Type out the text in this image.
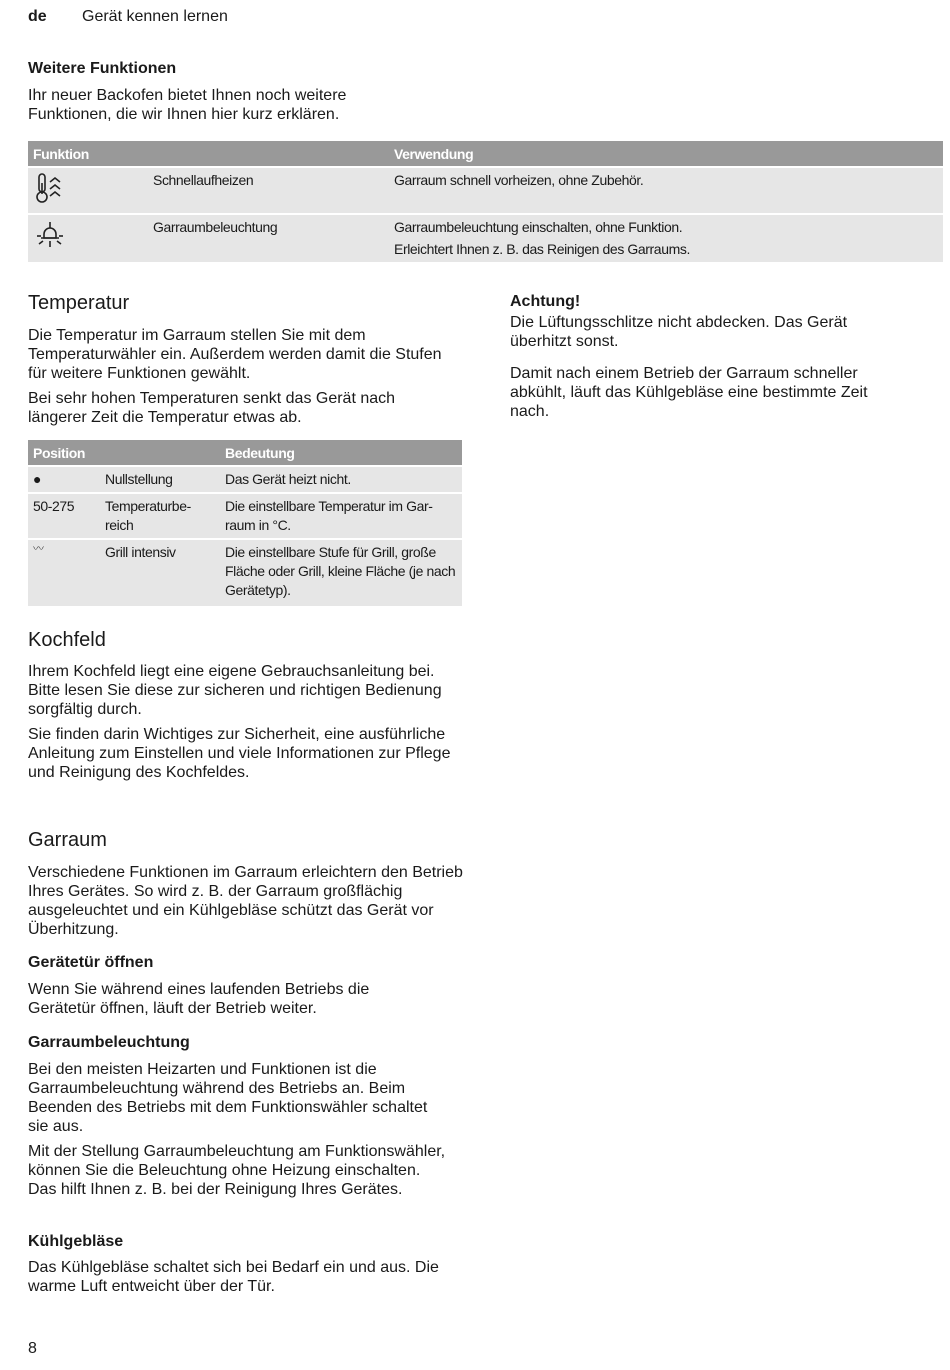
de Gerät kennen lernen
Weitere Funktionen

Ihr neuer Backofen bietet Ihnen noch weitere Funktionen, die wir Ihnen hier kurz erklären.

Funktion		Verwendung
	Schnellaufheizen	Garraum schnell vorheizen, ohne Zubehör.
	Garraumbeleuchtung	Garraumbeleuchtung einschalten, ohne Funktion.
Erleichtert Ihnen z. B. das Reinigen des Garraums.
Temperatur

Die Temperatur im Garraum stellen Sie mit dem Temperaturwähler ein. Außerdem werden damit die Stufen für weitere Funktionen gewählt.

Bei sehr hohen Temperaturen senkt das Gerät nach längerer Zeit die Temperatur etwas ab.

Position		Bedeutung
●	Nullstellung	Das Gerät heizt nicht.
50-275	Temperaturbe-reich	Die einstellbare Temperatur im Gar-raum in °C.
〰	Grill intensiv	Die einstellbare Stufe für Grill, große Fläche oder Grill, kleine Fläche (je nach Gerätetyp).
Achtung!

Die Lüftungsschlitze nicht abdecken. Das Gerät überhitzt sonst.

Damit nach einem Betrieb der Garraum schneller abkühlt, läuft das Kühlgebläse eine bestimmte Zeit nach.

Kochfeld

Ihrem Kochfeld liegt eine eigene Gebrauchsanleitung bei. Bitte lesen Sie diese zur sicheren und richtigen Bedienung sorgfältig durch.

Sie finden darin Wichtiges zur Sicherheit, eine ausführliche Anleitung zum Einstellen und viele Informationen zur Pflege und Reinigung des Kochfeldes.

Garraum

Verschiedene Funktionen im Garraum erleichtern den Betrieb Ihres Gerätes. So wird z. B. der Garraum großflächig ausgeleuchtet und ein Kühlgebläse schützt das Gerät vor Überhitzung.

Gerätetür öffnen

Wenn Sie während eines laufenden Betriebs die Gerätetür öffnen, läuft der Betrieb weiter.

Garraumbeleuchtung

Bei den meisten Heizarten und Funktionen ist die Garraumbeleuchtung während des Betriebs an. Beim Beenden des Betriebs mit dem Funktionswähler schaltet sie aus.

Mit der Stellung Garraumbeleuchtung am Funktionswähler, können Sie die Beleuchtung ohne Heizung einschalten. Das hilft Ihnen z. B. bei der Reinigung Ihres Gerätes.

Kühlgebläse

Das Kühlgebläse schaltet sich bei Bedarf ein und aus. Die warme Luft entweicht über der Tür.

8
